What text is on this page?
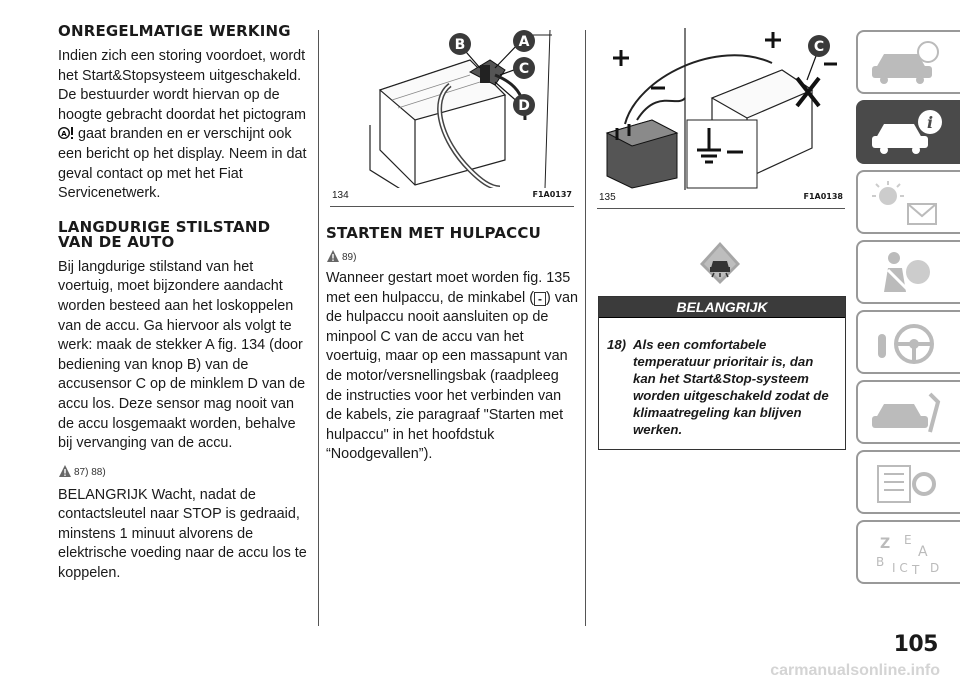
ONREGELMATIGE WERKING

Indien zich een storing voordoet, wordt het Start&Stopsysteem uitgeschakeld. De bestuurder wordt hiervan op de hoogte gebracht doordat het pictogram
A gaat branden en er verschijnt ook een bericht op het display. Neem in dat geval contact op met het Fiat Servicenetwerk.

LANGDURIGE STILSTAND VAN DE AUTO

Bij langdurige stilstand van het voertuig, moet bijzondere aandacht worden besteed aan het loskoppelen van de accu. Ga hiervoor als volgt te werk: maak de stekker A fig. 134 (door bediening van knop B) van de accusensor C op de minklem D van de accu los. Deze sensor mag nooit van de accu losgemaakt worden, behalve bij vervanging van de accu.

87) 88)

BELANGRIJK Wacht, nadat de contactsleutel naar STOP is gedraaid, minstens 1 minuut alvorens de elektrische voeding naar de accu los te koppelen.

B	A
C
D
134	F1A0137
STARTEN MET HULPACCU
89)

Wanneer gestart moet worden fig. 135 met een hulpaccu, de minkabel ( - ) van de hulpaccu nooit aansluiten op de minpool C van de accu van het voertuig, maar op een massapunt van de motor/versnellingsbak (raadpleeg de instructies voor het verbinden van de kabels, zie paragraaf "Starten met hulpaccu" in het hoofdstuk “Noodgevallen”).

C
135	F1A0138
BELANGRIJK
18) Als een comfortabele temperatuur prioritair is, dan kan het Start&Stop-systeem worden uitgeschakeld zodat de klimaatregeling kan blijven werken.
i
Z E
A
B I C T D
105
carmanualsonline.info
